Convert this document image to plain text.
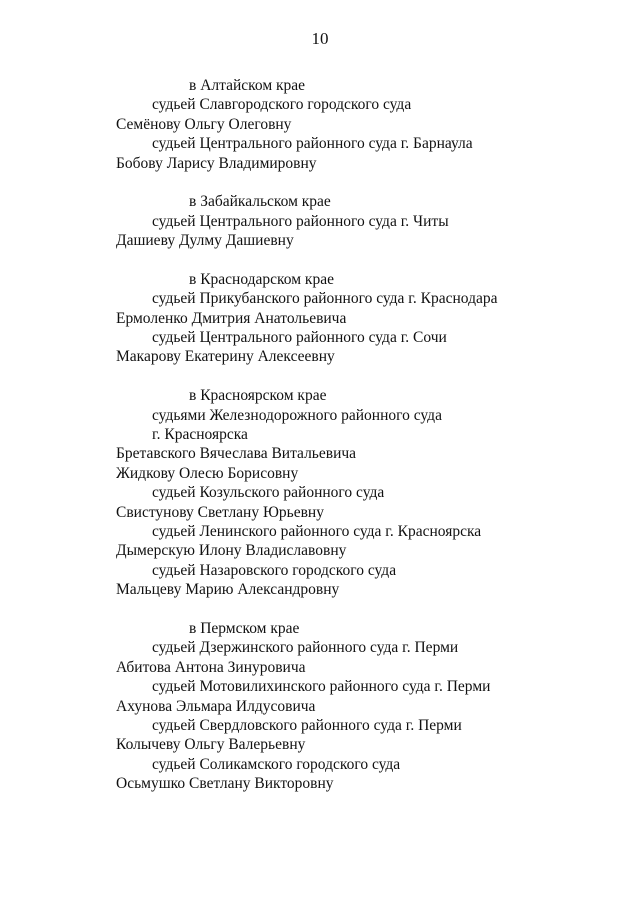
10
в Алтайском крае
судьей Славгородского городского суда
Семёнову Ольгу Олеговну
судьей Центрального районного суда г. Барнаула
Бобову Ларису Владимировну
в Забайкальском крае
судьей Центрального районного суда г. Читы
Дашиеву Дулму Дашиевну
в Краснодарском крае
судьей Прикубанского районного суда г. Краснодара
Ермоленко Дмитрия Анатольевича
судьей Центрального районного суда г. Сочи
Макарову Екатерину Алексеевну
в Красноярском крае
судьями Железнодорожного районного суда
г. Красноярска
Бретавского Вячеслава Витальевича
Жидкову Олесю Борисовну
судьей Козульского районного суда
Свистунову Светлану Юрьевну
судьей Ленинского районного суда г. Красноярска
Дымерскую Илону Владиславовну
судьей Назаровского городского суда
Мальцеву Марию Александровну
в Пермском крае
судьей Дзержинского районного суда г. Перми
Абитова Антона Зинуровича
судьей Мотовилихинского районного суда г. Перми
Ахунова Эльмара Илдусовича
судьей Свердловского районного суда г. Перми
Колычеву Ольгу Валерьевну
судьей Соликамского городского суда
Осьмушко Светлану Викторовну
